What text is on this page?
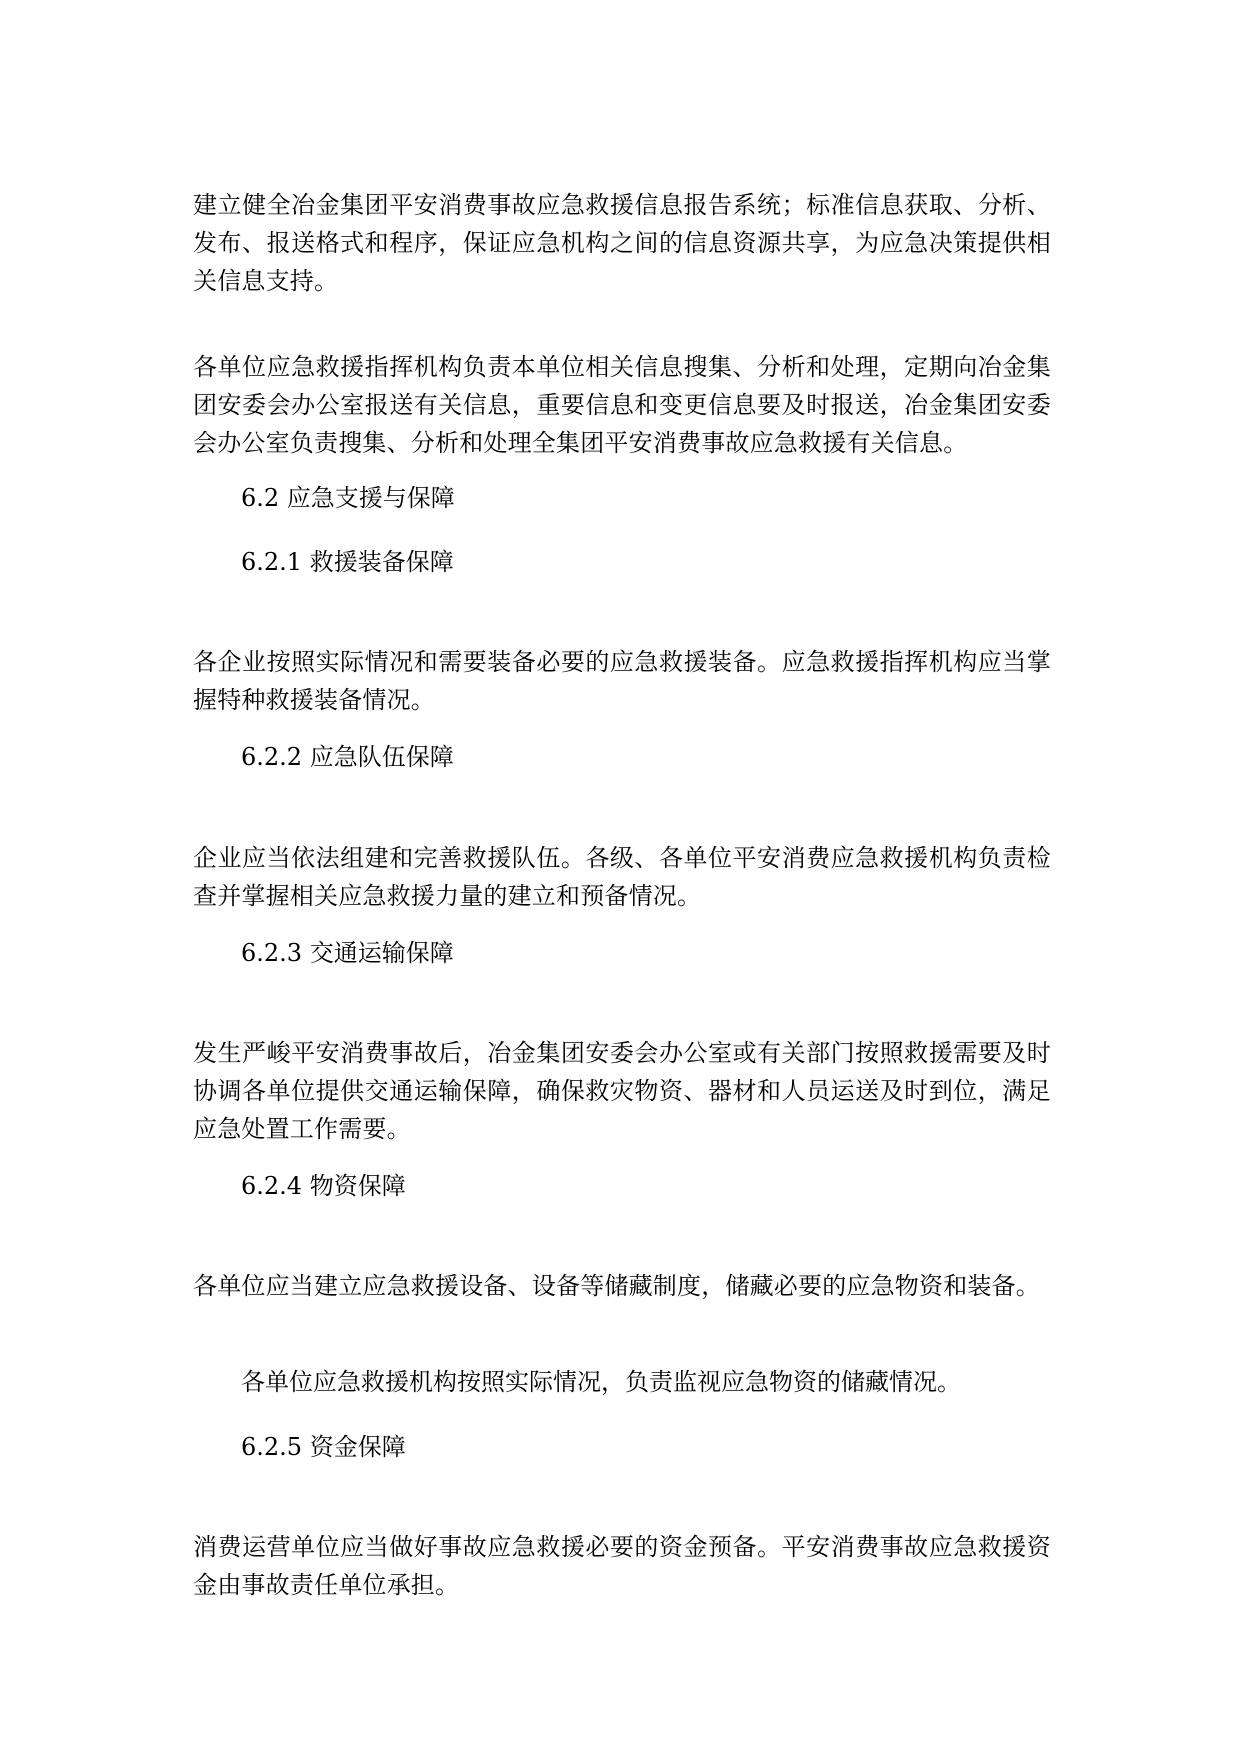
建立健全冶金集团平安消费事故应急救援信息报告系统；标准信息获取、分析、发布、报送格式和程序，保证应急机构之间的信息资源共享，为应急决策提供相关信息支持。

各单位应急救援指挥机构负责本单位相关信息搜集、分析和处理，定期向冶金集团安委会办公室报送有关信息，重要信息和变更信息要及时报送，冶金集团安委会办公室负责搜集、分析和处理全集团平安消费事故应急救援有关信息。

6.2 应急支援与保障

6.2.1 救援装备保障

各企业按照实际情况和需要装备必要的应急救援装备。应急救援指挥机构应当掌握特种救援装备情况。

6.2.2 应急队伍保障

企业应当依法组建和完善救援队伍。各级、各单位平安消费应急救援机构负责检查并掌握相关应急救援力量的建立和预备情况。

6.2.3 交通运输保障

发生严峻平安消费事故后，冶金集团安委会办公室或有关部门按照救援需要及时协调各单位提供交通运输保障，确保救灾物资、器材和人员运送及时到位，满足应急处置工作需要。

6.2.4 物资保障

各单位应当建立应急救援设备、设备等储藏制度，储藏必要的应急物资和装备。

各单位应急救援机构按照实际情况，负责监视应急物资的储藏情况。

6.2.5 资金保障

消费运营单位应当做好事故应急救援必要的资金预备。平安消费事故应急救援资金由事故责任单位承担。
